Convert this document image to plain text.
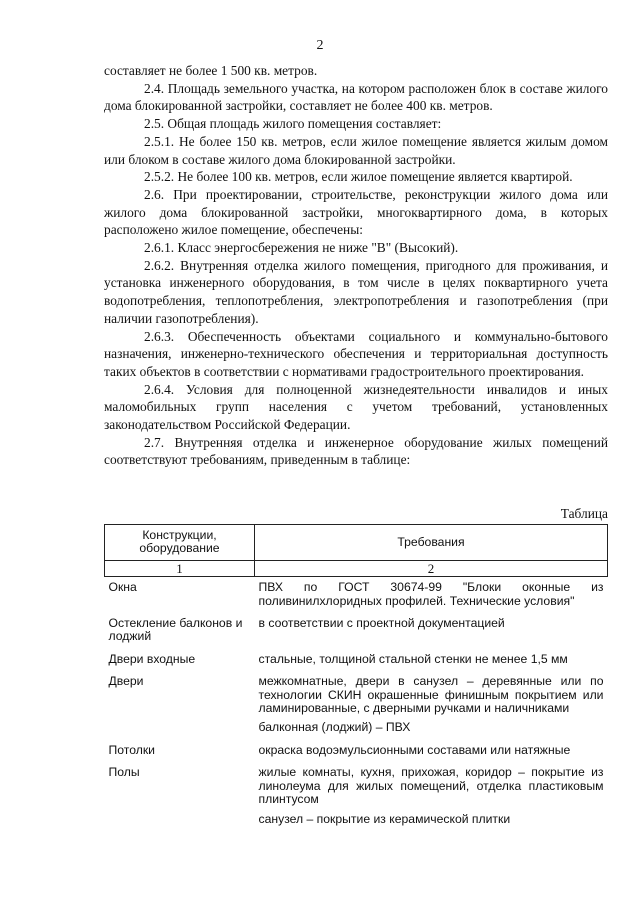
2

составляет не более 1 500 кв. метров.

2.4. Площадь земельного участка, на котором расположен блок в составе жилого дома блокированной застройки, составляет не более 400 кв. метров.

2.5. Общая площадь жилого помещения составляет:

2.5.1. Не более 150 кв. метров, если жилое помещение является жилым домом или блоком в составе жилого дома блокированной застройки.

2.5.2. Не более 100 кв. метров, если жилое помещение является квартирой.

2.6. При проектировании, строительстве, реконструкции жилого дома или жилого дома блокированной застройки, многоквартирного дома, в которых расположено жилое помещение, обеспечены:

2.6.1. Класс энергосбережения не ниже "B" (Высокий).

2.6.2. Внутренняя отделка жилого помещения, пригодного для проживания, и установка инженерного оборудования, в том числе в целях поквартирного учета водопотребления, теплопотребления, электропотребления и газопотребления (при наличии газопотребления).

2.6.3. Обеспеченность объектами социального и коммунально-бытового назначения, инженерно-технического обеспечения и территориальная доступность таких объектов в соответствии с нормативами градостроительного проектирования.

2.6.4. Условия для полноценной жизнедеятельности инвалидов и иных маломобильных групп населения с учетом требований, установленных законодательством Российской Федерации.

2.7. Внутренняя отделка и инженерное оборудование жилых помещений соответствуют требованиям, приведенным в таблице:

Таблица
Конструкции, оборудование	Требования
1	2
Окна	ПВХ по ГОСТ 30674-99 "Блоки оконные из поливинилхлоридных профилей. Технические условия"
Остекление балконов и лоджий	в соответствии с проектной документацией
Двери входные	стальные, толщиной стальной стенки не менее 1,5 мм
Двери	межкомнатные, двери в санузел – деревянные или по технологии СКИН окрашенные финишным покрытием или ламинированные, с дверными ручками и наличниками
балконная (лоджий) – ПВХ

Потолки	окраска водоэмульсионными составами или натяжные
Полы	жилые комнаты, кухня, прихожая, коридор – покрытие из линолеума для жилых помещений, отделка пластиковым плинтусом
санузел – покрытие из керамической плитки
